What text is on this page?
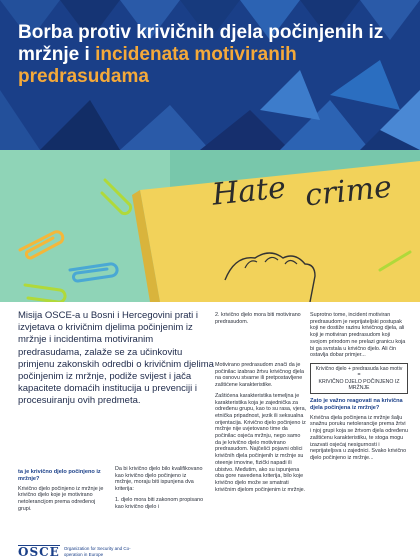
Borba protiv krivičnih djela počinjenih iz mržnje i incidenata motiviranih predrasudama
Hate crime

Misija OSCE-a u Bosni i Hercegovini prati i izvjetava o krivičnim djelima počinjenim iz mržnje i incidentima motiviranim predrasudama, zalaže se za učinkovitu primjenu zakonskih odredbi o krivičnim djelima počinjenim iz mržnje, podiže svijest i jača kapacitete domaćih institucija u prevenciji i procesuiranju ovih predmeta.

2. krivično djelo mora biti motivirano predrasudom.

Motivirano predrasudom znači da je počinilac izabrao žrtvu krivičnog djela na osnovu stvarne ili pretpostavljene zaštićene karakteristike.

Zaštićena karakteristika temeljna je karakteristika koja je zajednička za određenu grupu, kao to su rasa, vjera, etnička pripadnost, jezik ili seksualna orijentacija. Krivično djelo počinjeno iz mržnje nije uvjetovano time da počinilac osjeća mržnju, nego samo da je krivično djelo motivirano predrasudom. Najčešći pojavni oblici krivičnih djela počinjenih iz mržnje su oteenje imovine, fizički napadi ili ubistvo. Međutim, ako su ispunjena oba gore navedena kriterija, bilo koje krivično djelo može se smatrati krivičnim djelom počinjenim iz mržnje.

Suprotno tome, incident motiviran predrasudom je neprijateljski postupak koji ne dostiže razinu krivičnog djela, ali koji je motiviran predrasudom koji svojom prirodom ne prelazi granicu koja bi ga svrstala u krivično djelo. Ali čin ostavlja dobar primjer...

Krivično djelo + predrasuda kao motiv
=
KRIVIČNO DJELO POČINJENO IZ MRŽNJE

Zato je važno reagovati na krivična djela počinjena iz mržnje?

Krivična djela počinjena iz mržnje šalju snažnu poruku netolerancije prema žrtvi i njoj grupi koja se žrtvom djela određenu zaštićenu karakteristiku, te stoga mogu izazvati osjećaj nesigurnosti i neprijateljsva u zajednici. Svako krivično djelo počinjeno iz mržnje...

ta je krivično djelo počinjeno iz mržnje?

Krivično djelo počinjeno iz mržnje je krivično djelo koje je motivirano netolerancijom prema određenoj grupi.

Da bi krivično djelo bilo kvalifikovano kao krivično djelo počinjeno iz mržnje, moraju biti ispunjena dva kriterija:

1. djelo mora biti zakonom propisano kao krivično djelo i

OSCE Organization for Security and Co-operation in Europe
